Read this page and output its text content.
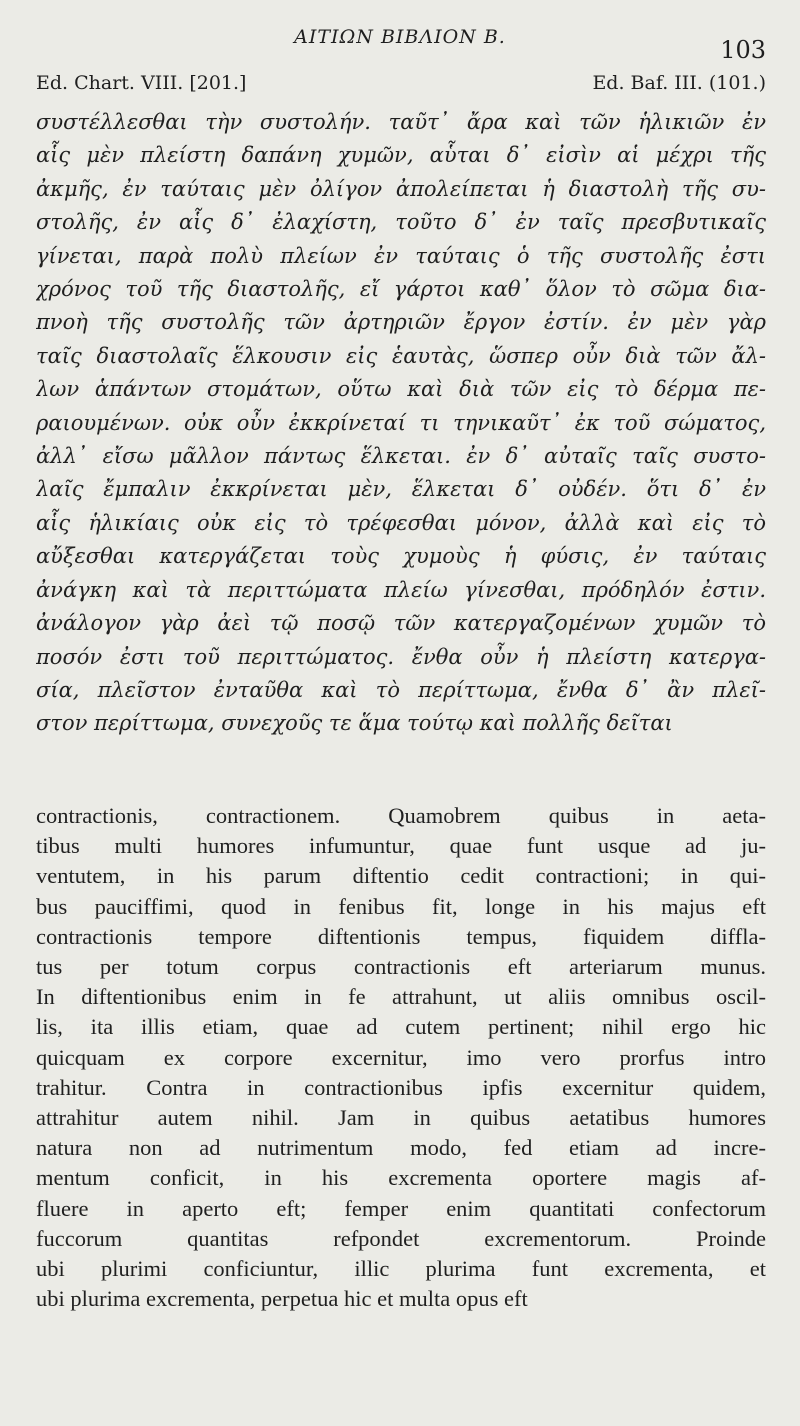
ΑΙΤΙΩΝ ΒΙΒΛΙΟΝ Β.	103
Ed. Chart. VIII. [201.]	Ed. Baf. III. (101.)
συστέλλεσθαι τὴν συστολήν. ταῦτ᾽ ἄρα καὶ τῶν ἡλικιῶν ἐν
αἷς μὲν πλείστη δαπάνη χυμῶν, αὗται δ᾽ εἰσὶν αἱ μέχρι τῆς
ἀκμῆς, ἐν ταύταις μὲν ὀλίγον ἀπολείπεται ἡ διαστολὴ τῆς συ-
στολῆς, ἐν αἷς δ᾽ ἐλαχίστη, τοῦτο δ᾽ ἐν ταῖς πρεσβυτικαῖς
γίνεται, παρὰ πολὺ πλείων ἐν ταύταις ὁ τῆς συστολῆς ἐστι
χρόνος τοῦ τῆς διαστολῆς, εἴ γάρτοι καθ᾽ ὅλον τὸ σῶμα δια-
πνοὴ τῆς συστολῆς τῶν ἀρτηριῶν ἔργον ἐστίν. ἐν μὲν γὰρ
ταῖς διαστολαῖς ἕλκουσιν εἰς ἑαυτὰς, ὥσπερ οὖν διὰ τῶν ἄλ-
λων ἁπάντων στομάτων, οὕτω καὶ διὰ τῶν εἰς τὸ δέρμα πε-
ραιουμένων. οὐκ οὖν ἐκκρίνεταί τι τηνικαῦτ᾽ ἐκ τοῦ σώματος,
ἀλλ᾽ εἴσω μᾶλλον πάντως ἕλκεται. ἐν δ᾽ αὐταῖς ταῖς συστο-
λαῖς ἔμπαλιν ἐκκρίνεται μὲν, ἕλκεται δ᾽ οὐδέν. ὅτι δ᾽ ἐν
αἷς ἡλικίαις οὐκ εἰς τὸ τρέφεσθαι μόνον, ἀλλὰ καὶ εἰς τὸ
αὔξεσθαι κατεργάζεται τοὺς χυμοὺς ἡ φύσις, ἐν ταύταις
ἀνάγκη καὶ τὰ περιττώματα πλείω γίνεσθαι, πρόδηλόν ἐστιν.
ἀνάλογον γὰρ ἀεὶ τῷ ποσῷ τῶν κατεργαζομένων χυμῶν τὸ
ποσόν ἐστι τοῦ περιττώματος. ἔνθα οὖν ἡ πλείστη κατεργα-
σία, πλεῖστον ἐνταῦθα καὶ τὸ περίττωμα, ἔνθα δ᾽ ἂν πλεῖ-
στον περίττωμα, συνεχοῦς τε ἅμα τούτῳ καὶ πολλῆς δεῖται
contractionis, contractionem. Quamobrem quibus in aeta-
tibus multi humores infumuntur, quae funt usque ad ju-
ventutem, in his parum diftentio cedit contractioni; in qui-
bus pauciffimi, quod in fenibus fit, longe in his majus eft
contractionis tempore diftentionis tempus, fiquidem diffla-
tus per totum corpus contractionis eft arteriarum munus.
In diftentionibus enim in fe attrahunt, ut aliis omnibus oscil-
lis, ita illis etiam, quae ad cutem pertinent; nihil ergo hic
quicquam ex corpore excernitur, imo vero prorfus intro
trahitur. Contra in contractionibus ipfis excernitur quidem,
attrahitur autem nihil. Jam in quibus aetatibus humores
natura non ad nutrimentum modo, fed etiam ad incre-
mentum conficit, in his excrementa oportere magis af-
fluere in aperto eft; femper enim quantitati confectorum
fuccorum quantitas refpondet excrementorum. Proinde
ubi plurimi conficiuntur, illic plurima funt excrementa, et
ubi plurima excrementa, perpetua hic et multa opus eft
